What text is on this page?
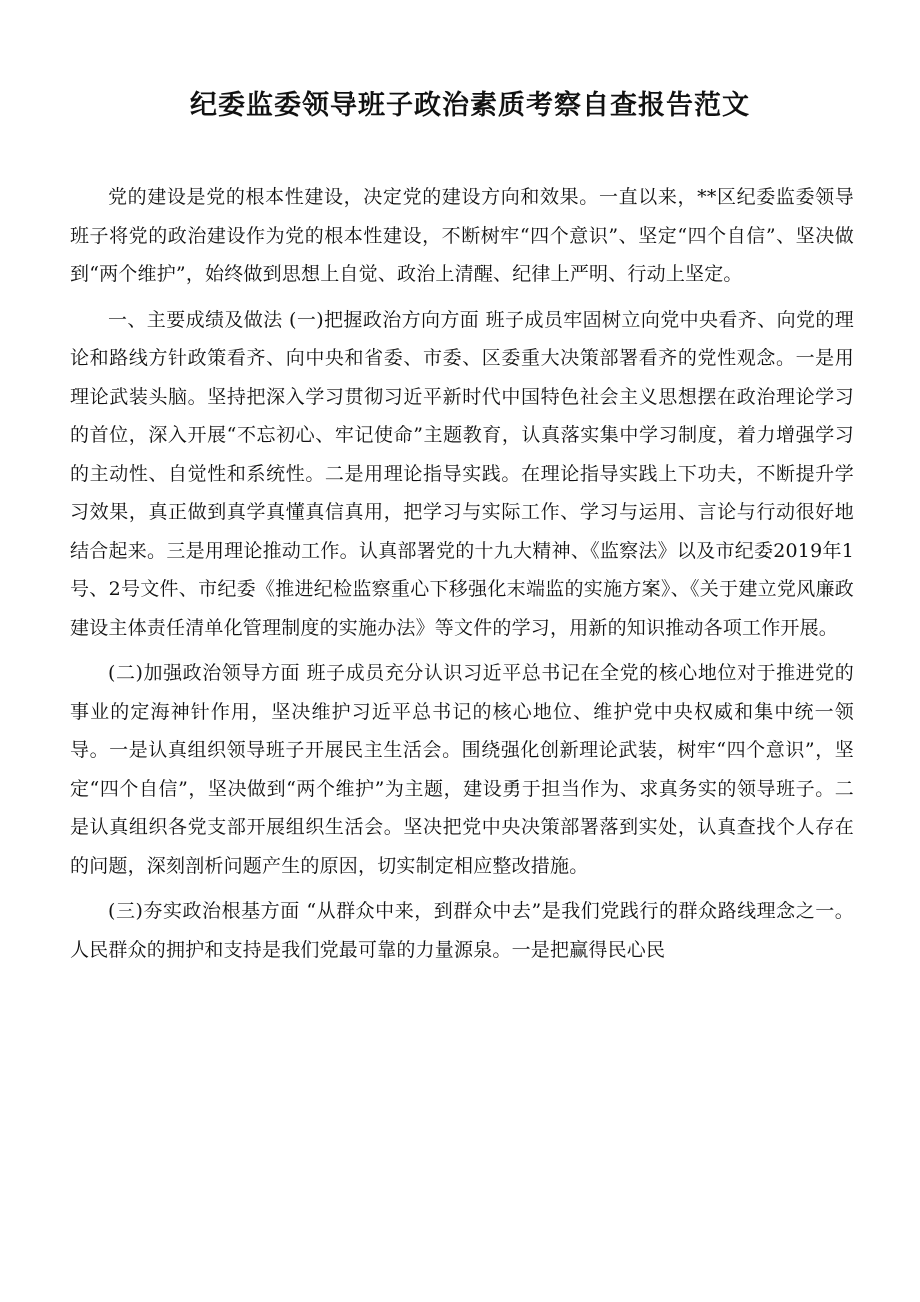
纪委监委领导班子政治素质考察自查报告范文

党的建设是党的根本性建设，决定党的建设方向和效果。一直以来，**区纪委监委领导班子将党的政治建设作为党的根本性建设，不断树牢“四个意识”、坚定“四个自信”、坚决做到“两个维护”，始终做到思想上自觉、政治上清醒、纪律上严明、行动上坚定。

一、主要成绩及做法 (一)把握政治方向方面 班子成员牢固树立向党中央看齐、向党的理论和路线方针政策看齐、向中央和省委、市委、区委重大决策部署看齐的党性观念。一是用理论武装头脑。坚持把深入学习贯彻习近平新时代中国特色社会主义思想摆在政治理论学习的首位，深入开展“不忘初心、牢记使命”主题教育，认真落实集中学习制度，着力增强学习的主动性、自觉性和系统性。二是用理论指导实践。在理论指导实践上下功夫，不断提升学习效果，真正做到真学真懂真信真用，把学习与实际工作、学习与运用、言论与行动很好地结合起来。三是用理论推动工作。认真部署党的十九大精神、《监察法》以及市纪委2019年1号、2号文件、市纪委《推进纪检监察重心下移强化末端监的实施方案》、《关于建立党风廉政建设主体责任清单化管理制度的实施办法》等文件的学习，用新的知识推动各项工作开展。

(二)加强政治领导方面 班子成员充分认识习近平总书记在全党的核心地位对于推进党的事业的定海神针作用，坚决维护习近平总书记的核心地位、维护党中央权威和集中统一领导。一是认真组织领导班子开展民主生活会。围绕强化创新理论武装，树牢“四个意识”，坚定“四个自信”，坚决做到“两个维护”为主题，建设勇于担当作为、求真务实的领导班子。二是认真组织各党支部开展组织生活会。坚决把党中央决策部署落到实处，认真查找个人存在的问题，深刻剖析问题产生的原因，切实制定相应整改措施。

(三)夯实政治根基方面 “从群众中来，到群众中去”是我们党践行的群众路线理念之一。人民群众的拥护和支持是我们党最可靠的力量源泉。一是把赢得民心民
